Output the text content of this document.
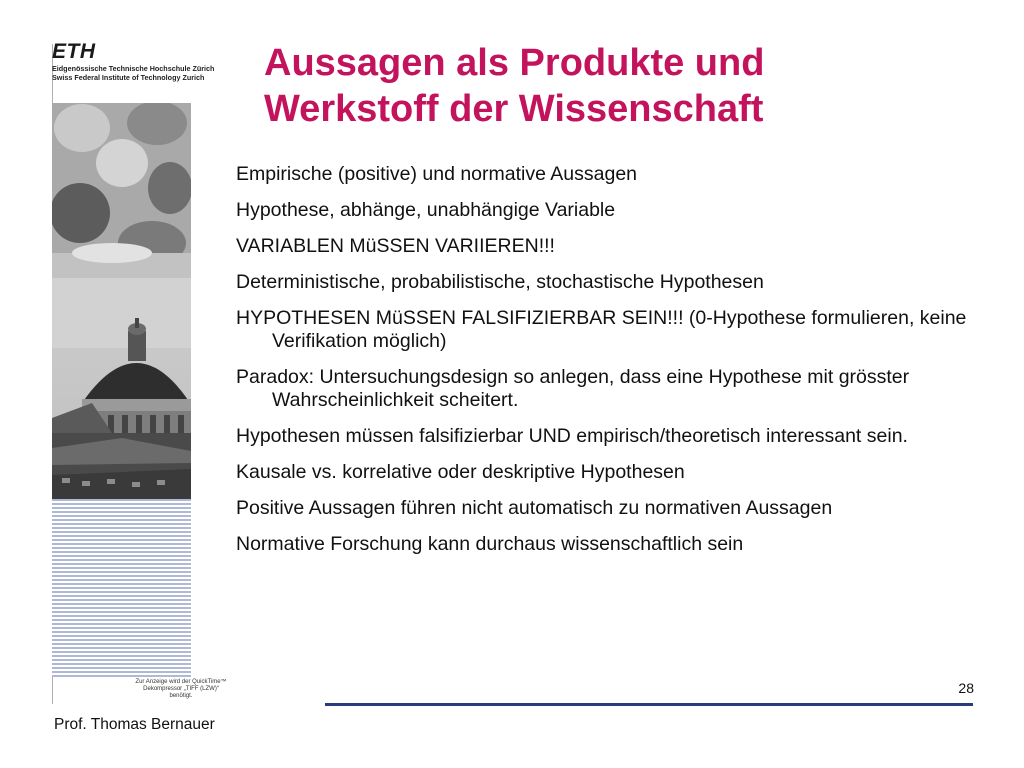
ETH
Eidgenössische Technische Hochschule Zürich
Swiss Federal Institute of Technology Zurich
Zur Anzeige wird der QuickTime™
Dekompressor „TIFF (LZW)“
benötigt.
Aussagen als Produkte und
Werkstoff der Wissenschaft
Empirische (positive) und normative Aussagen
Hypothese, abhänge, unabhängige Variable
VARIABLEN MüSSEN VARIIEREN!!!
Deterministische, probabilistische, stochastische Hypothesen
HYPOTHESEN MüSSEN FALSIFIZIERBAR SEIN!!! (0-Hypothese formulieren, keine Verifikation möglich)
Paradox: Untersuchungsdesign so anlegen, dass eine Hypothese mit grösster Wahrscheinlichkeit scheitert.
Hypothesen müssen falsifizierbar UND empirisch/theoretisch interessant sein.
Kausale vs. korrelative oder deskriptive Hypothesen
Positive Aussagen führen nicht automatisch zu normativen Aussagen
Normative Forschung kann durchaus wissenschaftlich sein
28
Prof. Thomas Bernauer
